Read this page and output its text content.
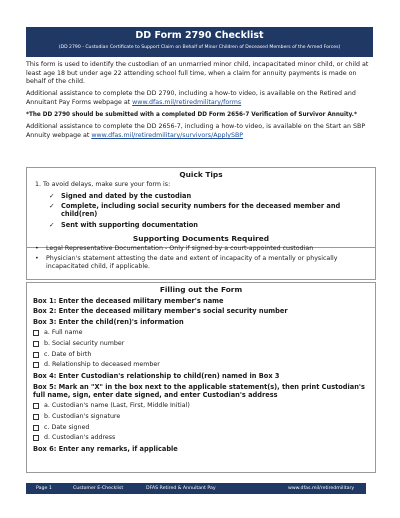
DD Form 2790 Checklist
(DD 2790 - Custodian Certificate to Support Claim on Behalf of Minor Children of Deceased Members of the Armed Forces)

This form is used to identify the custodian of an unmarried minor child, incapacitated minor child, or child at least age 18 but under age 22 attending school full time, when a claim for annuity payments is made on behalf of the child.

Additional assistance to complete the DD 2790, including a how-to video, is available on the Retired and Annuitant Pay Forms webpage at www.dfas.mil/retiredmilitary/forms

*The DD 2790 should be submitted with a completed DD Form 2656-7 Verification of Survivor Annuity.*

Additional assistance to complete the DD 2656-7, including a how-to video, is available on the Start an SBP Annuity webpage at www.dfas.mil/retiredmilitary/survivors/ApplySBP

Quick Tips
1. To avoid delays, make sure your form is:
✓ Signed and dated by the custodian
✓ Complete, including social security numbers for the deceased member and child(ren)
✓ Sent with supporting documentation
Supporting Documents Required
•	Legal Representative Documentation - Only if signed by a court-appointed custodian
•	Physician's statement attesting the date and extent of incapacity of a mentally or physically incapacitated child, if applicable.
Filling out the Form
Box 1: Enter the deceased military member's name
Box 2: Enter the deceased military member's social security number
Box 3: Enter the child(ren)'s information
a. Full name
b. Social security number
c. Date of birth
d. Relationship to deceased member
Box 4: Enter Custodian's relationship to child(ren) named in Box 3
Box 5: Mark an "X" in the box next to the applicable statement(s), then print Custodian's full name, sign, enter date signed, and enter Custodian's address
a. Custodian's name (Last, First, Middle Initial)
b. Custodian's signature
c. Date signed
d. Custodian's address
Box 6: Enter any remarks, if applicable
Page 1	Customer E-Checklist	DFAS Retired & Annuitant Pay	www.dfas.mil/retiredmilitary
